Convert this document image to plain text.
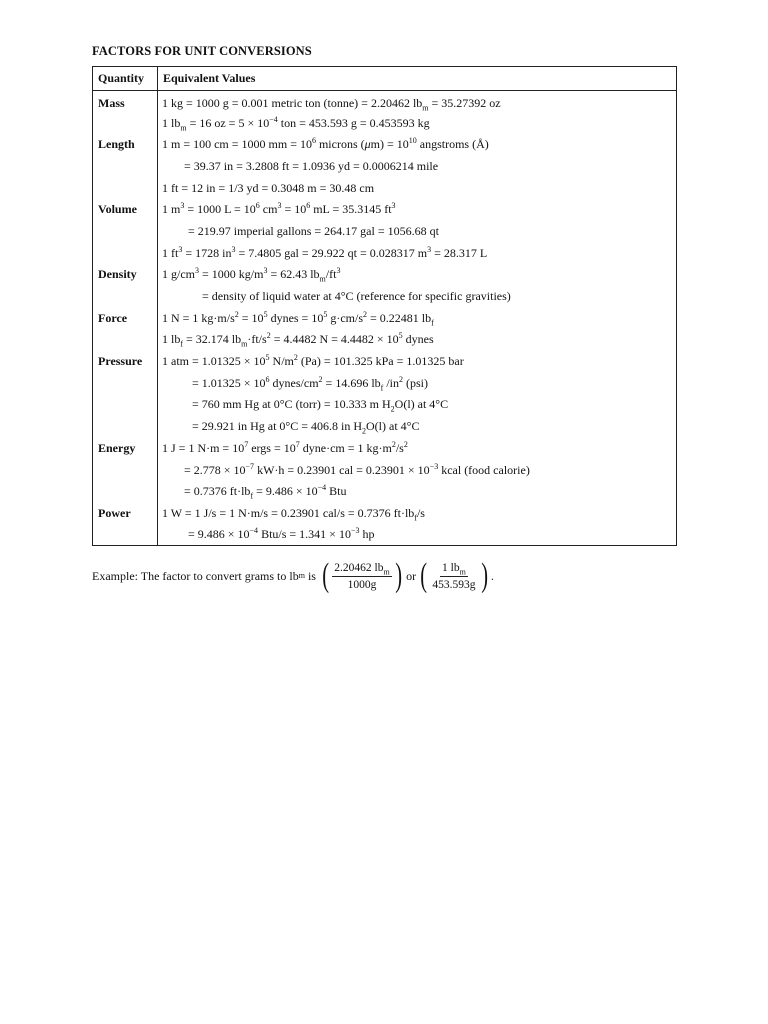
FACTORS FOR UNIT CONVERSIONS
Quantity	Equivalent Values
Mass	1 kg = 1000 g = 0.001 metric ton (tonne) = 2.20462 $lb_m = 35.27392$ oz
	1 $lb_m = 16$ oz = $5 \times 10^{-4}$ ton = 453.593 g = 0.453593 kg
Length	1 m = 100 cm = 1000 mm = $10^6$ microns $(\mu m) = 10^{10}$ angstroms (Å)
	= 39.37 in = 3.2808 ft = 1.0936 yd = 0.0006214 mile
	1 ft = 12 in = 1/3 yd = 0.3048 m = 30.48 cm
Volume	1 $m^3 = 1000$ $L = 10^6$ $cm^3 = 10^6$ mL = 35.3145 $ft^3$
	= 219.97 imperial gallons = 264.17 gal = 1056.68 qt
	1 $ft^3 = 1728$ $in^3 = 7.4805$ gal = 29.922 qt = 0.028317 $m^3 = 28.317$ L
Density	1 $g/cm^3 = 1000$ $kg/m^3 = 62.43$ $lb_m/ft^3$
	= density of liquid water at 4°C (reference for specific gravities)
Force	1 N = 1 $kg\cdot m/s^2 = 10^5$ dynes = $10^5$ $g\cdot cm/s^2 = 0.22481$ $lb_f$
	1 $lb_f = 32.174$ $lb_m\cdot ft/s^2 = 4.4482$ $N = 4.4482 \times 10^5$ dynes
Pressure	1 atm = $1.01325 \times 10^5$ $N/m^2$ (Pa) = 101.325 kPa = 1.01325 bar
	= $1.01325 \times 10^6$ dynes/$cm^2 = 14.696$ $lb_f$ $/in^2$ (psi)
	= 760 mm Hg at 0°C (torr) = 10.333 m $H_2O(l)$ at 4°C
	= 29.921 in Hg at 0°C = 406.8 in $H_2O(l)$ at 4°C
Energy	1 J = 1 $N\cdot m = 10^7$ ergs = $10^7$ dyne·cm = 1 $kg\cdot m^2/s^2$
	= $2.778 \times 10^{-7}$ kW·h = 0.23901 cal = $0.23901 \times 10^{-3}$ kcal (food calorie)
	= 0.7376 $ft\cdot lb_f = 9.486 \times 10^{-4}$ Btu
Power	1 W = 1 J/s = 1 N·m/s = 0.23901 cal/s = 0.7376 $ft\cdot lb_f/s$
	= $9.486 \times 10^{-4}$ $Btu/s = 1.341 \times 10^{-3}$ hp
Example: The factor to convert grams to lb m is ( $\frac{2.20462 lb_m}{1000g}$ ) or ( $\frac{1 lb_m}{453.593g}$ ) .
